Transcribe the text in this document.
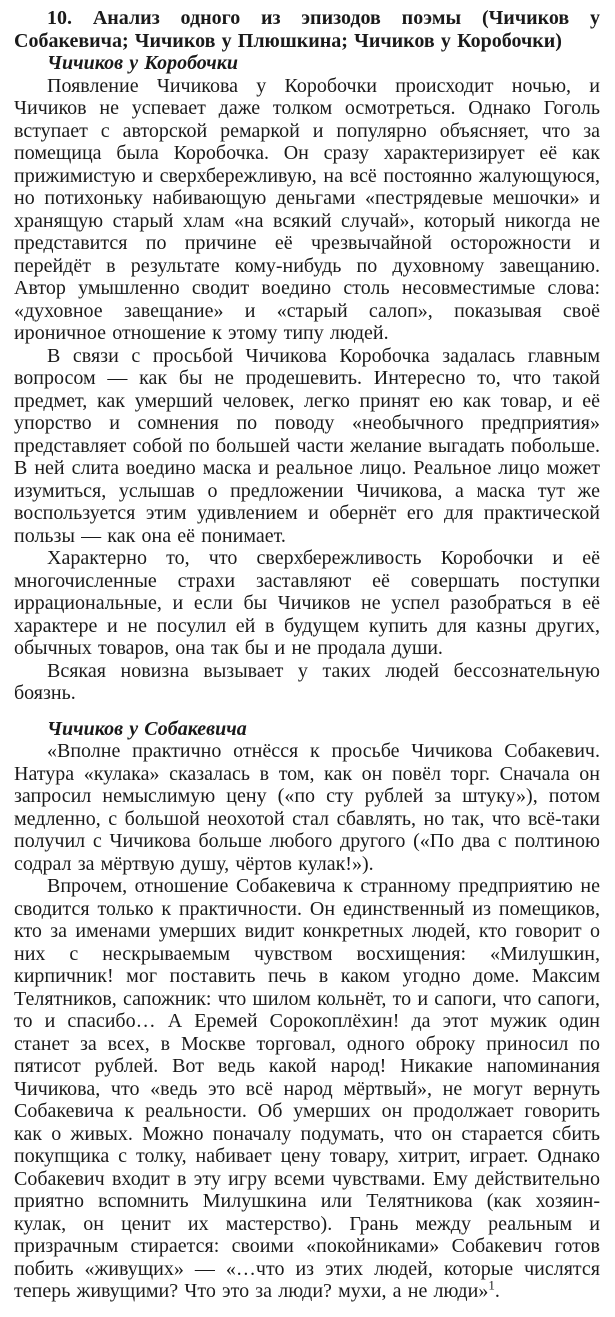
10. Анализ одного из эпизодов поэмы (Чичиков у Собакевича; Чичиков у Плюшкина; Чичиков у Коробочки)

Чичиков у Коробочки

Появление Чичикова у Коробочки происходит ночью, и Чичиков не успевает даже толком осмотреться. Однако Гоголь вступает с авторской ремаркой и популярно объясняет, что за помещица была Коробочка. Он сразу характеризирует её как прижимистую и сверхбережливую, на всё постоянно жалующуюся, но потихоньку набивающую деньгами «пестрядевые мешочки» и хранящую старый хлам «на всякий случай», который никогда не представится по причине её чрезвычайной осторожности и перейдёт в результате кому-нибудь по духовному завещанию. Автор умышленно сводит воедино столь несовместимые слова: «духовное завещание» и «старый салоп», показывая своё ироничное отношение к этому типу людей.

В связи с просьбой Чичикова Коробочка задалась главным вопросом — как бы не продешевить. Интересно то, что такой предмет, как умерший человек, легко принят ею как товар, и её упорство и сомнения по поводу «необычного предприятия» представляет собой по большей части желание выгадать побольше. В ней слита воедино маска и реальное лицо. Реальное лицо может изумиться, услышав о предложении Чичикова, а маска тут же воспользуется этим удивлением и обернёт его для практической пользы — как она её понимает.

Характерно то, что сверхбережливость Коробочки и её многочисленные страхи заставляют её совершать поступки иррациональные, и если бы Чичиков не успел разобраться в её характере и не посулил ей в будущем купить для казны других, обычных товаров, она так бы и не продала души.

Всякая новизна вызывает у таких людей бессознательную боязнь.

Чичиков у Собакевича

«Вполне практично отнёсся к просьбе Чичикова Собакевич. Натура «кулака» сказалась в том, как он повёл торг. Сначала он запросил немыслимую цену («по сту рублей за штуку»), потом медленно, с большой неохотой стал сбавлять, но так, что всё-таки получил с Чичикова больше любого другого («По два с полтиною содрал за мёртвую душу, чёртов кулак!»).

Впрочем, отношение Собакевича к странному предприятию не сводится только к практичности. Он единственный из помещиков, кто за именами умерших видит конкретных людей, кто говорит о них с нескрываемым чувством восхищения: «Милушкин, кирпичник! мог поставить печь в каком угодно доме. Максим Телятников, сапожник: что шилом кольнёт, то и сапоги, что сапоги, то и спасибо… А Еремей Сорокоплёхин! да этот мужик один станет за всех, в Москве торговал, одного оброку приносил по пятисот рублей. Вот ведь какой народ! Никакие напоминания Чичикова, что «ведь это всё народ мёртвый», не могут вернуть Собакевича к реальности. Об умерших он продолжает говорить как о живых. Можно поначалу подумать, что он старается сбить покупщика с толку, набивает цену товару, хитрит, играет. Однако Собакевич входит в эту игру всеми чувствами. Ему действительно приятно вспомнить Милушкина или Телятникова (как хозяин-кулак, он ценит их мастерство). Грань между реальным и призрачным стирается: своими «покойниками» Собакевич готов побить «живущих» — «…что из этих людей, которые числятся теперь живущими? Что это за люди? мухи, а не люди»$^1$.
